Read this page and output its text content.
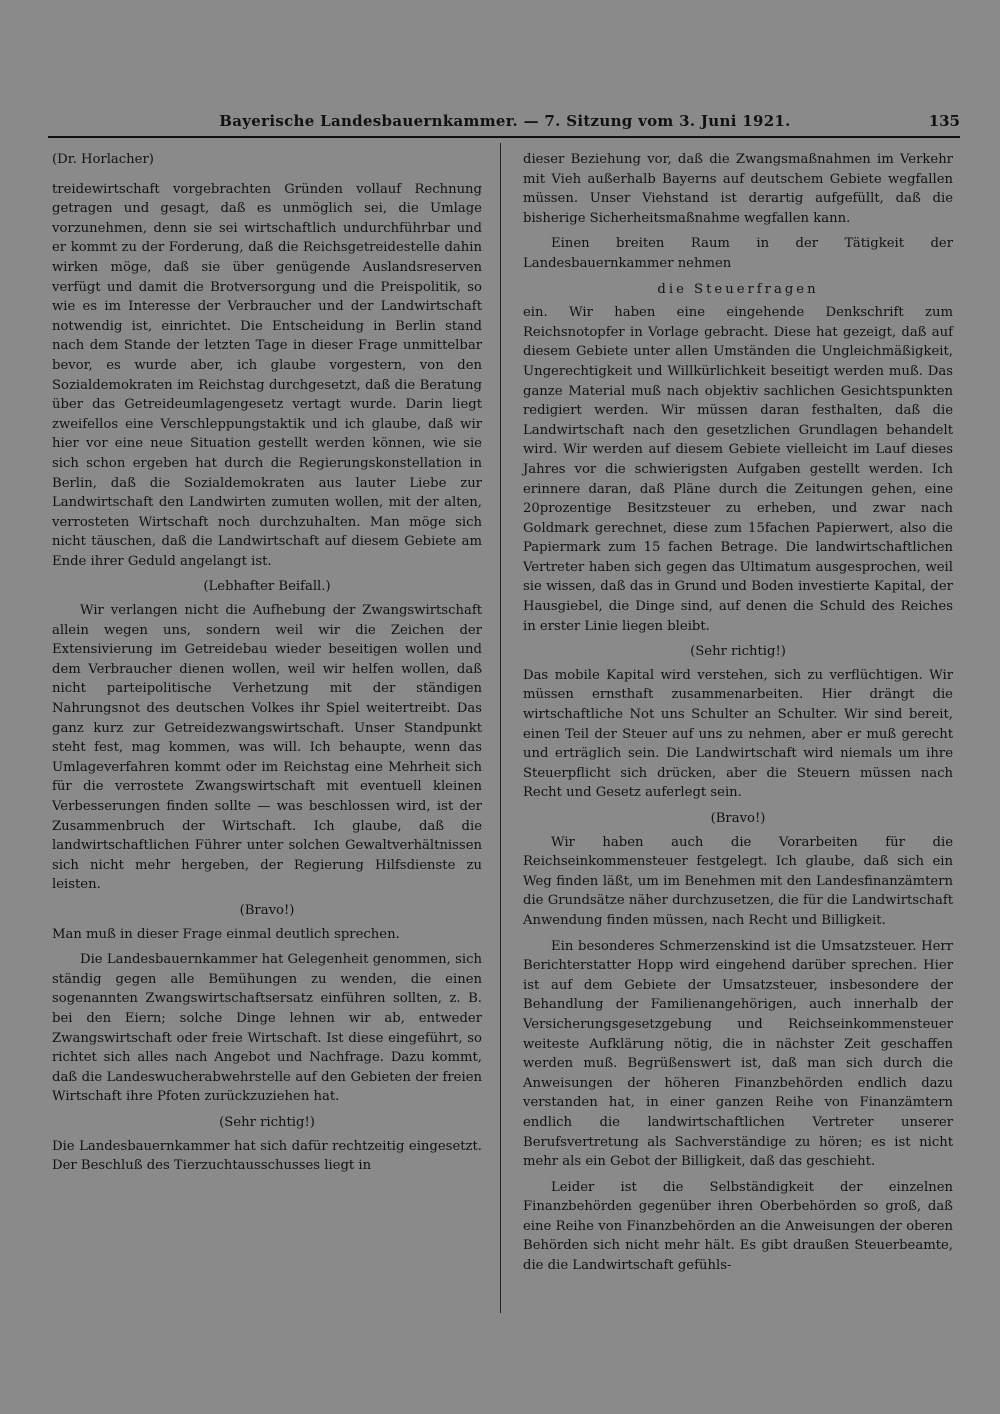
Bayerische Landesbauernkammer. — 7. Sitzung vom 3. Juni 1921.	135

(Dr. Horlacher)

treidewirtschaft vorgebrachten Gründen vollauf Rechnung getragen und gesagt, daß es unmöglich sei, die Umlage vorzunehmen, denn sie sei wirtschaftlich undurchführbar und er kommt zu der Forderung, daß die Reichsgetreidestelle dahin wirken möge, daß sie über genügende Auslandsreserven verfügt und damit die Brotversorgung und die Preispolitik, so wie es im Interesse der Verbraucher und der Landwirtschaft notwendig ist, einrichtet. Die Entscheidung in Berlin stand nach dem Stande der letzten Tage in dieser Frage unmittelbar bevor, es wurde aber, ich glaube vorgestern, von den Sozialdemokraten im Reichstag durchgesetzt, daß die Beratung über das Getreideumlagengesetz vertagt wurde. Darin liegt zweifellos eine Verschleppungstaktik und ich glaube, daß wir hier vor eine neue Situation gestellt werden können, wie sie sich schon ergeben hat durch die Regierungskonstellation in Berlin, daß die Sozialdemokraten aus lauter Liebe zur Landwirtschaft den Landwirten zumuten wollen, mit der alten, verrosteten Wirtschaft noch durchzuhalten. Man möge sich nicht täuschen, daß die Landwirtschaft auf diesem Gebiete am Ende ihrer Geduld angelangt ist.

(Lebhafter Beifall.)

Wir verlangen nicht die Aufhebung der Zwangswirtschaft allein wegen uns, sondern weil wir die Zeichen der Extensivierung im Getreidebau wieder beseitigen wollen und dem Verbraucher dienen wollen, weil wir helfen wollen, daß nicht parteipolitische Verhetzung mit der ständigen Nahrungsnot des deutschen Volkes ihr Spiel weitertreibt. Das ganz kurz zur Getreidezwangswirtschaft. Unser Standpunkt steht fest, mag kommen, was will. Ich behaupte, wenn das Umlageverfahren kommt oder im Reichstag eine Mehrheit sich für die verrostete Zwangswirtschaft mit eventuell kleinen Verbesserungen finden sollte — was beschlossen wird, ist der Zusammenbruch der Wirtschaft. Ich glaube, daß die landwirtschaftlichen Führer unter solchen Gewaltverhältnissen sich nicht mehr hergeben, der Regierung Hilfsdienste zu leisten.

(Bravo!)

Man muß in dieser Frage einmal deutlich sprechen.

Die Landesbauernkammer hat Gelegenheit genommen, sich ständig gegen alle Bemühungen zu wenden, die einen sogenannten Zwangswirtschaftsersatz einführen sollten, z. B. bei den Eiern; solche Dinge lehnen wir ab, entweder Zwangswirtschaft oder freie Wirtschaft. Ist diese eingeführt, so richtet sich alles nach Angebot und Nachfrage. Dazu kommt, daß die Landeswucherabwehrstelle auf den Gebieten der freien Wirtschaft ihre Pfoten zurückzuziehen hat.

(Sehr richtig!)

Die Landesbauernkammer hat sich dafür rechtzeitig eingesetzt. Der Beschluß des Tierzuchtausschusses liegt in

dieser Beziehung vor, daß die Zwangsmaßnahmen im Verkehr mit Vieh außerhalb Bayerns auf deutschem Gebiete wegfallen müssen. Unser Viehstand ist derartig aufgefüllt, daß die bisherige Sicherheitsmaßnahme wegfallen kann.

Einen breiten Raum in der Tätigkeit der Landesbauernkammer nehmen

die Steuerfragen

ein. Wir haben eine eingehende Denkschrift zum Reichsnotopfer in Vorlage gebracht. Diese hat gezeigt, daß auf diesem Gebiete unter allen Umständen die Ungleichmäßigkeit, Ungerechtigkeit und Willkürlichkeit beseitigt werden muß. Das ganze Material muß nach objektiv sachlichen Gesichtspunkten redigiert werden. Wir müssen daran festhalten, daß die Landwirtschaft nach den gesetzlichen Grundlagen behandelt wird. Wir werden auf diesem Gebiete vielleicht im Lauf dieses Jahres vor die schwierigsten Aufgaben gestellt werden. Ich erinnere daran, daß Pläne durch die Zeitungen gehen, eine 20prozentige Besitzsteuer zu erheben, und zwar nach Goldmark gerechnet, diese zum 15fachen Papierwert, also die Papiermark zum 15 fachen Betrage. Die landwirtschaftlichen Vertreter haben sich gegen das Ultimatum ausgesprochen, weil sie wissen, daß das in Grund und Boden investierte Kapital, der Hausgiebel, die Dinge sind, auf denen die Schuld des Reiches in erster Linie liegen bleibt.

(Sehr richtig!)

Das mobile Kapital wird verstehen, sich zu verflüchtigen. Wir müssen ernsthaft zusammenarbeiten. Hier drängt die wirtschaftliche Not uns Schulter an Schulter. Wir sind bereit, einen Teil der Steuer auf uns zu nehmen, aber er muß gerecht und erträglich sein. Die Landwirtschaft wird niemals um ihre Steuerpflicht sich drücken, aber die Steuern müssen nach Recht und Gesetz auferlegt sein.

(Bravo!)

Wir haben auch die Vorarbeiten für die Reichseinkommensteuer festgelegt. Ich glaube, daß sich ein Weg finden läßt, um im Benehmen mit den Landesfinanzämtern die Grundsätze näher durchzusetzen, die für die Landwirtschaft Anwendung finden müssen, nach Recht und Billigkeit.

Ein besonderes Schmerzenskind ist die Umsatzsteuer. Herr Berichterstatter Hopp wird eingehend darüber sprechen. Hier ist auf dem Gebiete der Umsatzsteuer, insbesondere der Behandlung der Familienangehörigen, auch innerhalb der Versicherungsgesetzgebung und Reichseinkommensteuer weiteste Aufklärung nötig, die in nächster Zeit geschaffen werden muß. Begrüßenswert ist, daß man sich durch die Anweisungen der höheren Finanzbehörden endlich dazu verstanden hat, in einer ganzen Reihe von Finanzämtern endlich die landwirtschaftlichen Vertreter unserer Berufsvertretung als Sachverständige zu hören; es ist nicht mehr als ein Gebot der Billigkeit, daß das geschieht.

Leider ist die Selbständigkeit der einzelnen Finanzbehörden gegenüber ihren Oberbehörden so groß, daß eine Reihe von Finanzbehörden an die Anweisungen der oberen Behörden sich nicht mehr hält. Es gibt draußen Steuerbeamte, die die Landwirtschaft gefühls-
